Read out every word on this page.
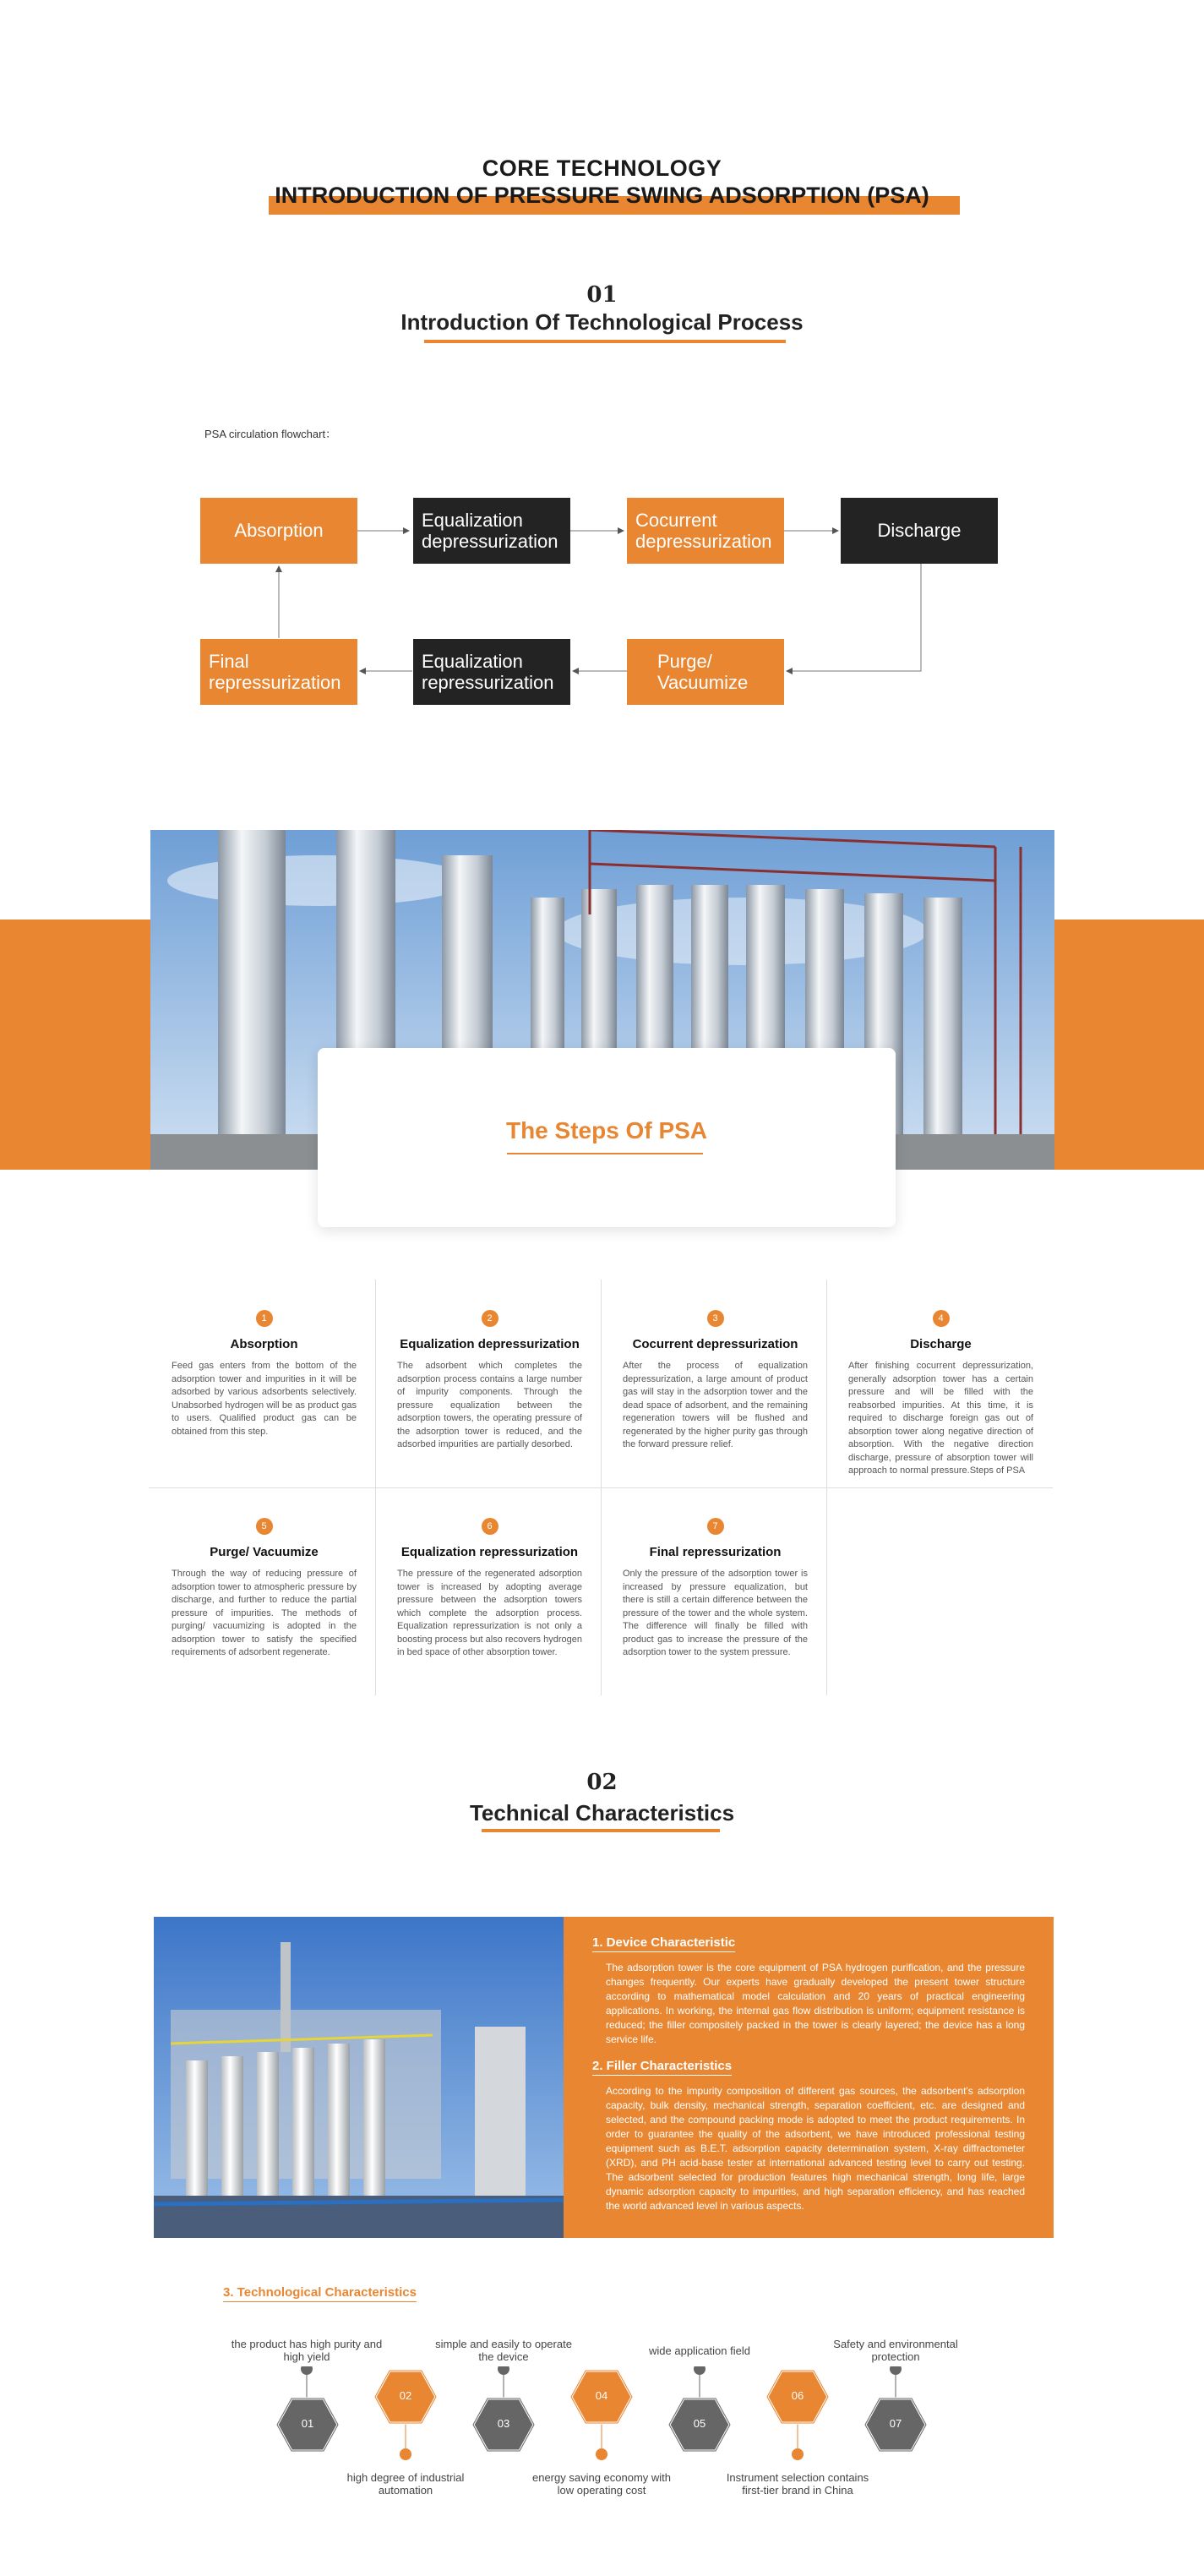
CORE TECHNOLOGY
INTRODUCTION OF PRESSURE SWING ADSORPTION (PSA)
01
Introduction Of Technological Process
PSA circulation flowchart：
Absorption
Equalization depressurization
Cocurrent depressurization
Discharge
Final repressurization
Equalization repressurization
Purge/ Vacuumize
The Steps Of PSA
1
Absorption
Feed gas enters from the bottom of the adsorption tower and impurities in it will be adsorbed by various adsorbents selectively. Unabsorbed hydrogen will be as product gas to users. Qualified product gas can be obtained from this step.
2
Equalization depressurization
The adsorbent which completes the adsorption process contains a large number of impurity components. Through the pressure equalization between the adsorption towers, the operating pressure of the adsorption tower is reduced, and the adsorbed impurities are partially desorbed.
3
Cocurrent depressurization
After the process of equalization depressurization, a large amount of product gas will stay in the adsorption tower and the dead space of adsorbent, and the remaining regeneration towers will be flushed and regenerated by the higher purity gas through the forward pressure relief.
4
Discharge
After finishing cocurrent depressurization, generally adsorption tower has a certain pressure and will be filled with the reabsorbed impurities. At this time, it is required to discharge foreign gas out of absorption tower along negative direction of absorption. With the negative direction discharge, pressure of absorption tower will approach to normal pressure.Steps of PSA
5
Purge/ Vacuumize
Through the way of reducing pressure of adsorption tower to atmospheric pressure by discharge, and further to reduce the partial pressure of impurities. The methods of purging/ vacuumizing is adopted in the adsorption tower to satisfy the specified requirements of adsorbent regenerate.
6
Equalization repressurization
The pressure of the regenerated adsorption tower is increased by adopting average pressure between the adsorption towers which complete the adsorption process. Equalization repressurization is not only a boosting process but also recovers hydrogen in bed space of other absorption tower.
7
Final repressurization
Only the pressure of the adsorption tower is increased by pressure equalization, but there is still a certain difference between the pressure of the tower and the whole system. The difference will finally be filled with product gas to increase the pressure of the adsorption tower to the system pressure.
02
Technical Characteristics
1. Device Characteristic

The adsorption tower is the core equipment of PSA hydrogen purification, and the pressure changes frequently. Our experts have gradually developed the present tower structure according to mathematical model calculation and 20 years of practical engineering applications. In working, the internal gas flow distribution is uniform; equipment resistance is reduced; the filler compositely packed in the tower is clearly layered; the device has a long service life.

2. Filler Characteristics

According to the impurity composition of different gas sources, the adsorbent's adsorption capacity, bulk density, mechanical strength, separation coefficient, etc. are designed and selected, and the compound packing mode is adopted to meet the product requirements. In order to guarantee the quality of the adsorbent, we have introduced professional testing equipment such as B.E.T. adsorption capacity determination system, X-ray diffractometer (XRD), and PH acid-base tester at international advanced testing level to carry out testing. The adsorbent selected for production features high mechanical strength, long life, large dynamic adsorption capacity to impurities, and high separation efficiency, and has reached the world advanced level in various aspects.

3. Technological Characteristics
01
02
03
04
05
06
07
the product has high purity and high yield
high degree of industrial automation
simple and easily to operate the device
energy saving economy with low operating cost
wide application field
Instrument selection contains first-tier brand in China
Safety and environmental protection
